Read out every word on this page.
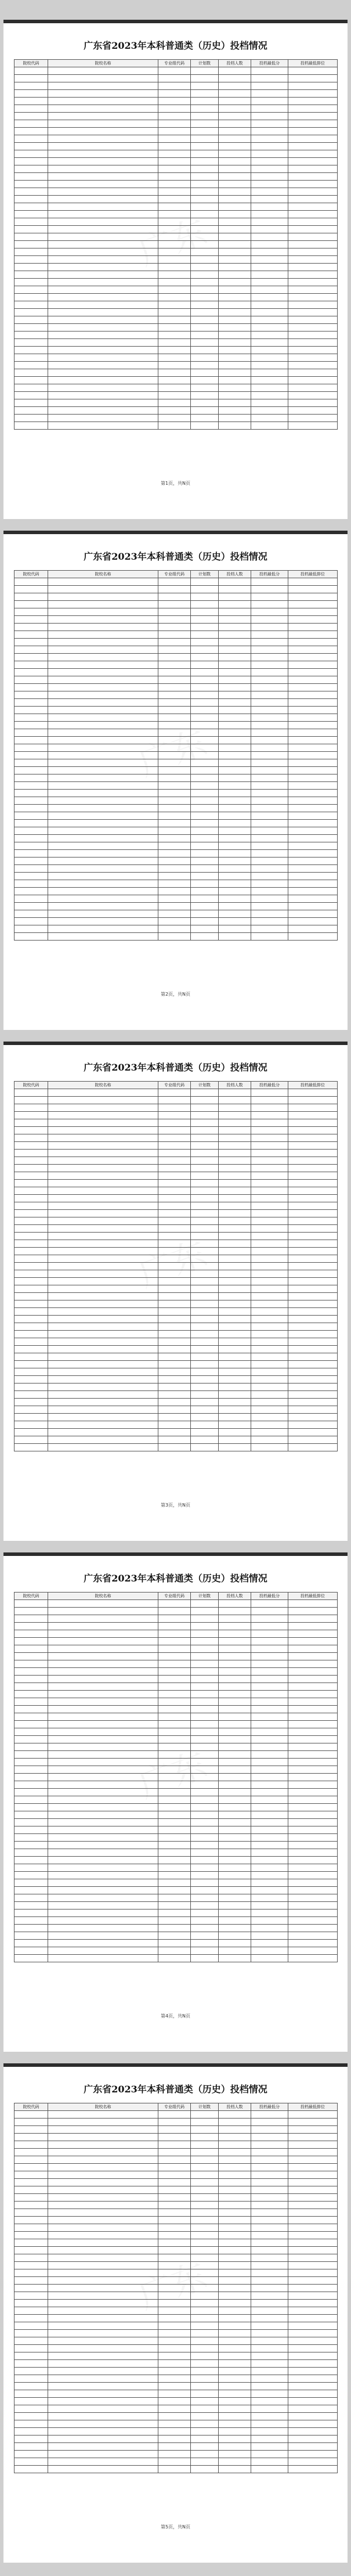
广东省2023年本科普通类（历史）投档情况
院校代码	院校名称	专业组代码	计划数	投档人数	投档最低分	投档最低排位

第1页，共N页
广东省2023年本科普通类（历史）投档情况
院校代码	院校名称	专业组代码	计划数	投档人数	投档最低分	投档最低排位

第2页，共N页
广东省2023年本科普通类（历史）投档情况
院校代码	院校名称	专业组代码	计划数	投档人数	投档最低分	投档最低排位

第3页，共N页
广东省2023年本科普通类（历史）投档情况
院校代码	院校名称	专业组代码	计划数	投档人数	投档最低分	投档最低排位

第4页，共N页
广东省2023年本科普通类（历史）投档情况
院校代码	院校名称	专业组代码	计划数	投档人数	投档最低分	投档最低排位

第5页，共N页
